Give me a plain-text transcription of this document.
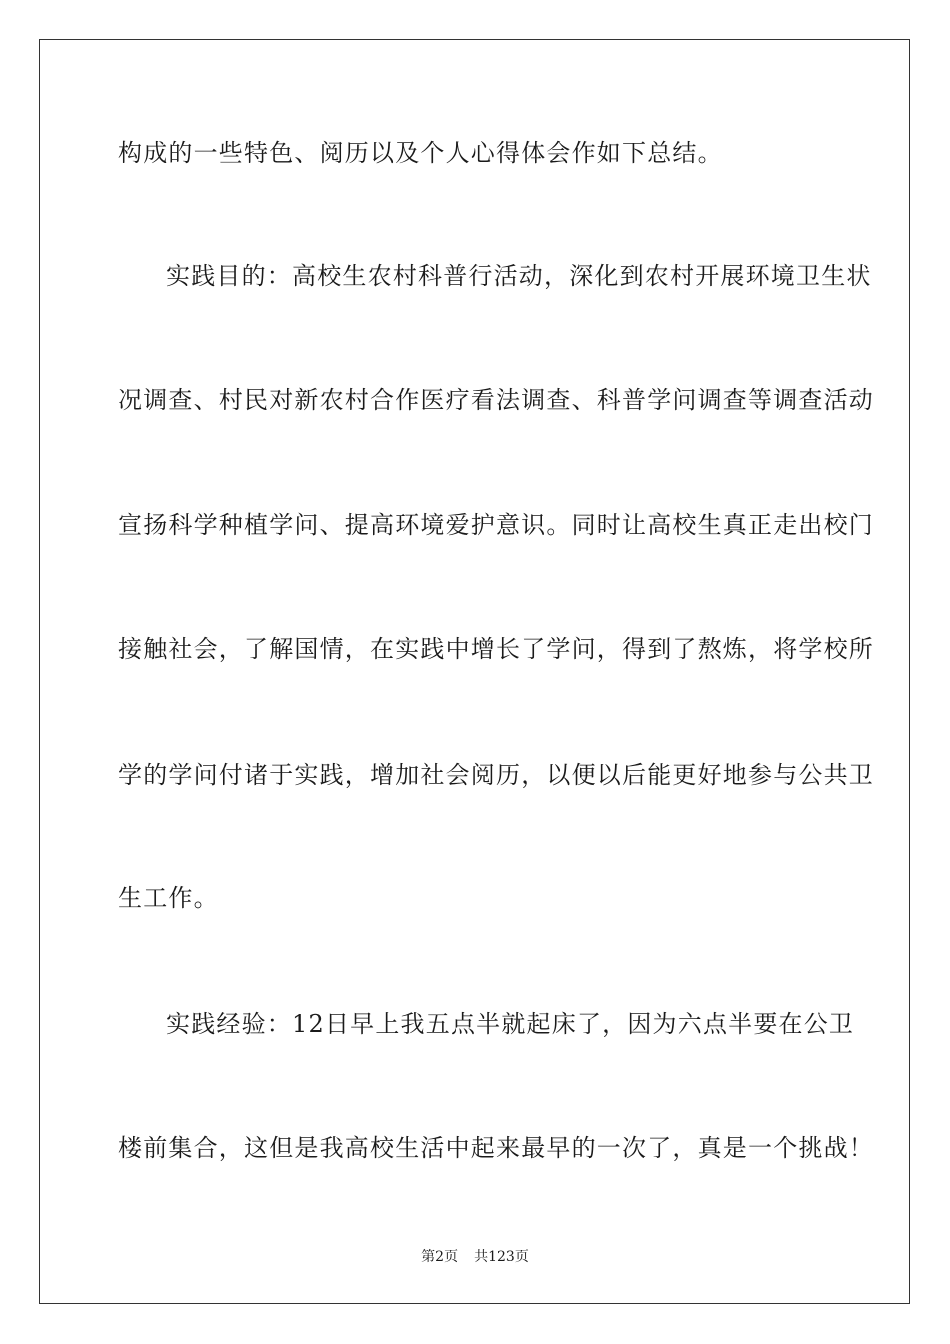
构成的一些特色、阅历以及个人心得体会作如下总结。
实践目的：高校生农村科普行活动，深化到农村开展环境卫生状
况调查、村民对新农村合作医疗看法调查、科普学问调查等调查活动
宣扬科学种植学问、提高环境爱护意识。同时让高校生真正走出校门
接触社会，了解国情，在实践中增长了学问，得到了熬炼，将学校所
学的学问付诸于实践，增加社会阅历，以便以后能更好地参与公共卫
生工作。
实践经验：12日早上我五点半就起床了，因为六点半要在公卫
楼前集合，这但是我高校生活中起来最早的一次了，真是一个挑战！
第2页 共123页
